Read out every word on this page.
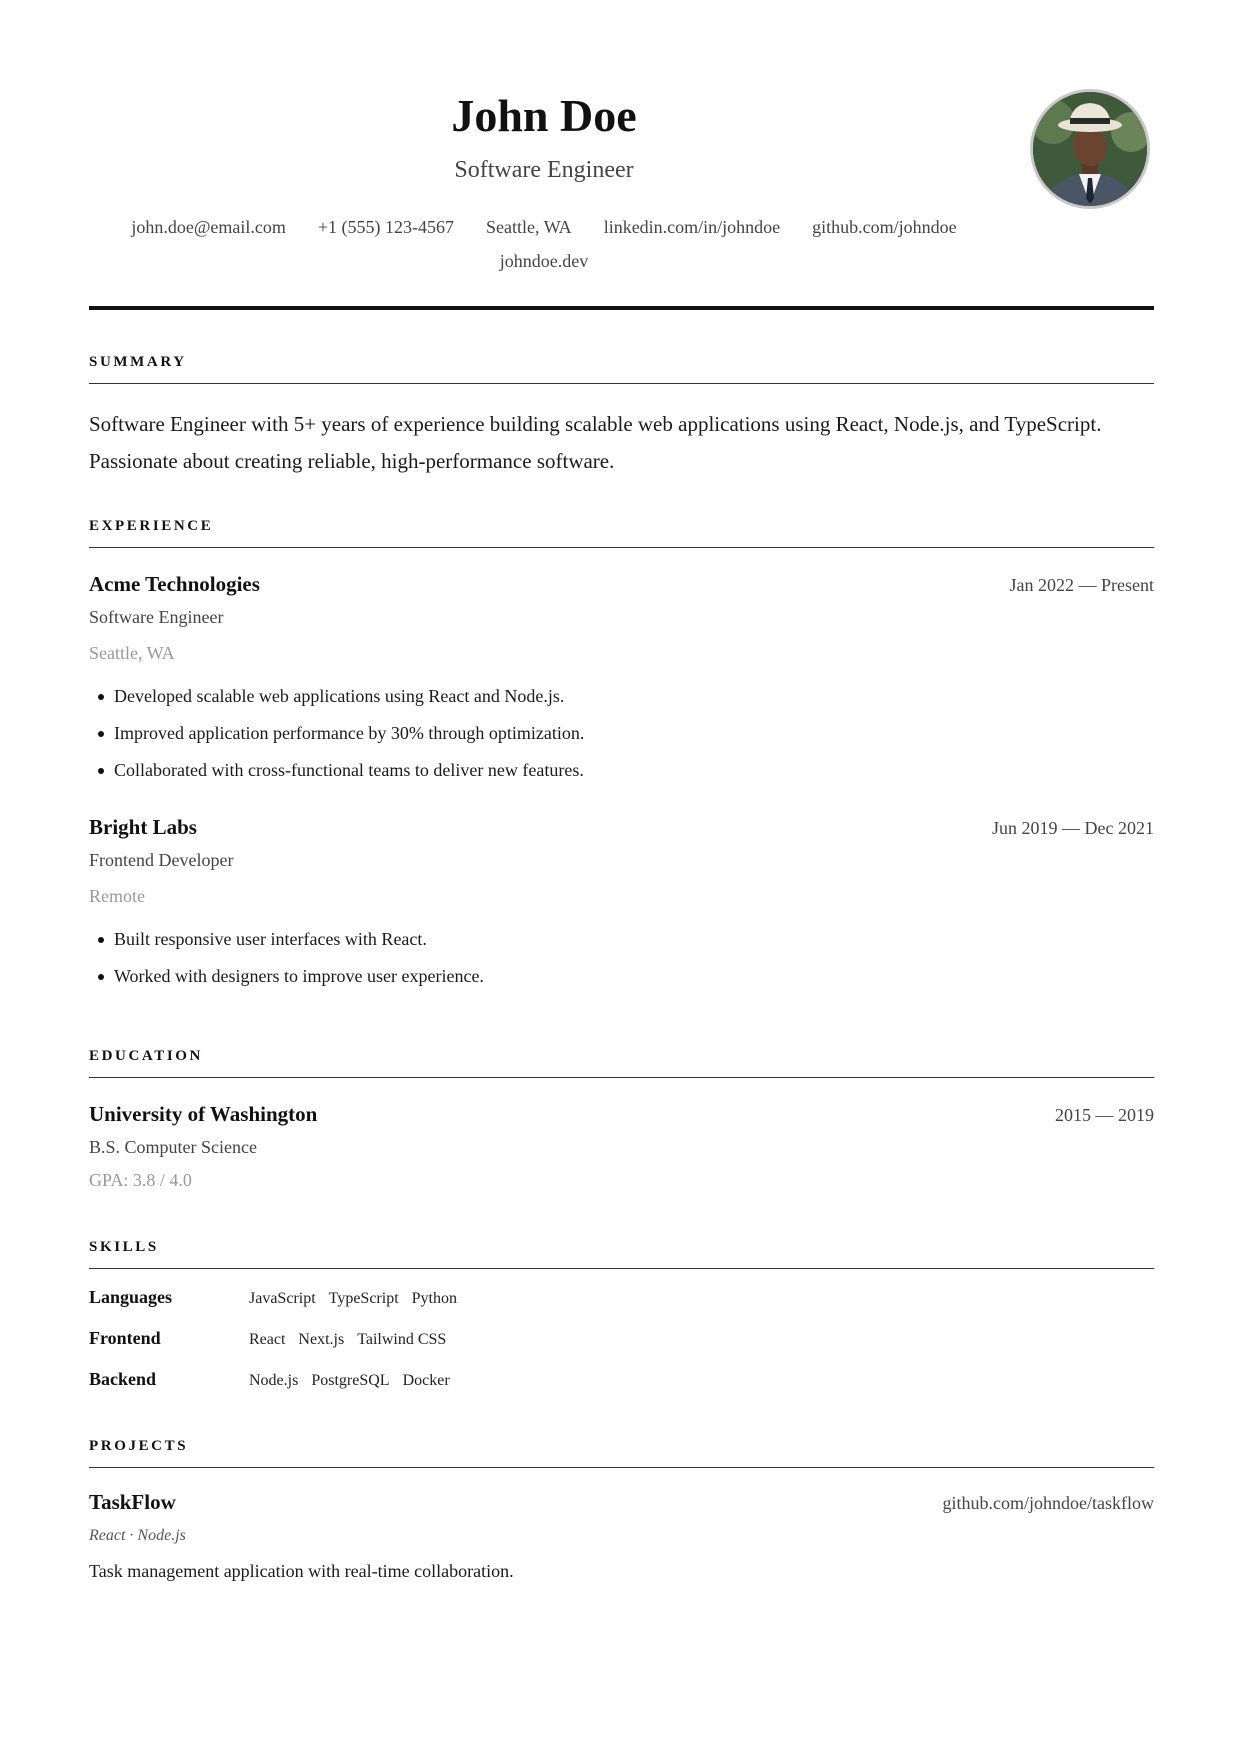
John Doe
Software Engineer
john.doe@email.com +1 (555) 123-4567 Seattle, WA linkedin.com/in/johndoe github.com/johndoe
johndoe.dev
SUMMARY
Software Engineer with 5+ years of experience building scalable web applications using React, Node.js, and TypeScript. Passionate about creating reliable, high-performance software.
EXPERIENCE
Acme Technologies	Jan 2022 — Present
Software Engineer
Seattle, WA
Developed scalable web applications using React and Node.js.
Improved application performance by 30% through optimization.
Collaborated with cross-functional teams to deliver new features.
Bright Labs	Jun 2019 — Dec 2021
Frontend Developer
Remote
Built responsive user interfaces with React.
Worked with designers to improve user experience.
EDUCATION
University of Washington	2015 — 2019
B.S. Computer Science
GPA: 3.8 / 4.0
SKILLS
Languages	JavaScript TypeScript Python
Frontend	React Next.js Tailwind CSS
Backend	Node.js PostgreSQL Docker
PROJECTS
TaskFlow	github.com/johndoe/taskflow
React · Node.js
Task management application with real-time collaboration.
